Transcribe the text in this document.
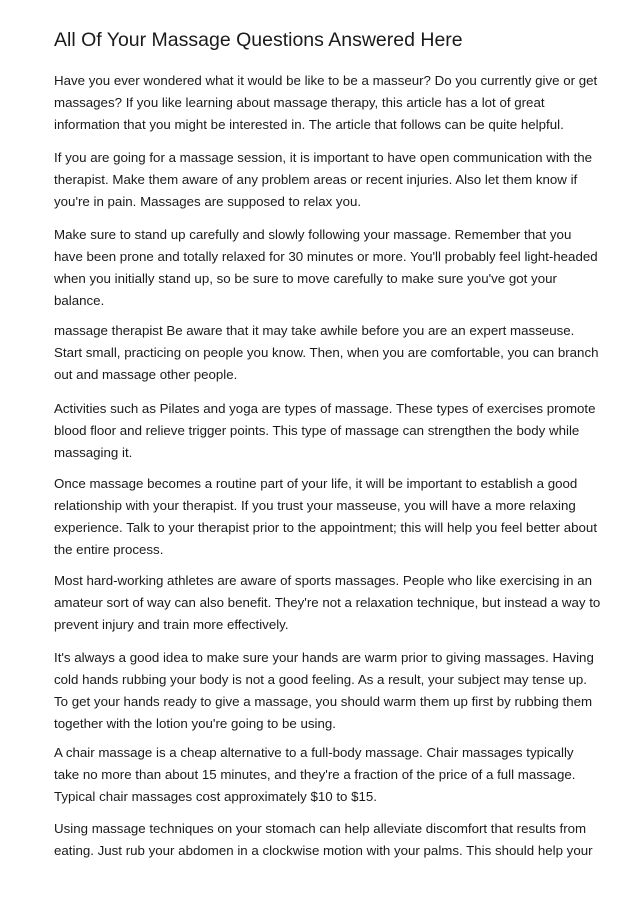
All Of Your Massage Questions Answered Here
Have you ever wondered what it would be like to be a masseur? Do you currently give or get
massages? If you like learning about massage therapy, this article has a lot of great
information that you might be interested in. The article that follows can be quite helpful.
If you are going for a massage session, it is important to have open communication with the
therapist. Make them aware of any problem areas or recent injuries. Also let them know if
you're in pain. Massages are supposed to relax you.
Make sure to stand up carefully and slowly following your massage. Remember that you
have been prone and totally relaxed for 30 minutes or more. You'll probably feel light-headed
when you initially stand up, so be sure to move carefully to make sure you've got your
balance.
massage therapist Be aware that it may take awhile before you are an expert masseuse.
Start small, practicing on people you know. Then, when you are comfortable, you can branch
out and massage other people.
Activities such as Pilates and yoga are types of massage. These types of exercises promote
blood floor and relieve trigger points. This type of massage can strengthen the body while
massaging it.
Once massage becomes a routine part of your life, it will be important to establish a good
relationship with your therapist. If you trust your masseuse, you will have a more relaxing
experience. Talk to your therapist prior to the appointment; this will help you feel better about
the entire process.
Most hard-working athletes are aware of sports massages. People who like exercising in an
amateur sort of way can also benefit. They're not a relaxation technique, but instead a way to
prevent injury and train more effectively.
It's always a good idea to make sure your hands are warm prior to giving massages. Having
cold hands rubbing your body is not a good feeling. As a result, your subject may tense up.
To get your hands ready to give a massage, you should warm them up first by rubbing them
together with the lotion you're going to be using.
A chair massage is a cheap alternative to a full-body massage. Chair massages typically
take no more than about 15 minutes, and they're a fraction of the price of a full massage.
Typical chair massages cost approximately $10 to $15.
Using massage techniques on your stomach can help alleviate discomfort that results from
eating. Just rub your abdomen in a clockwise motion with your palms. This should help your
